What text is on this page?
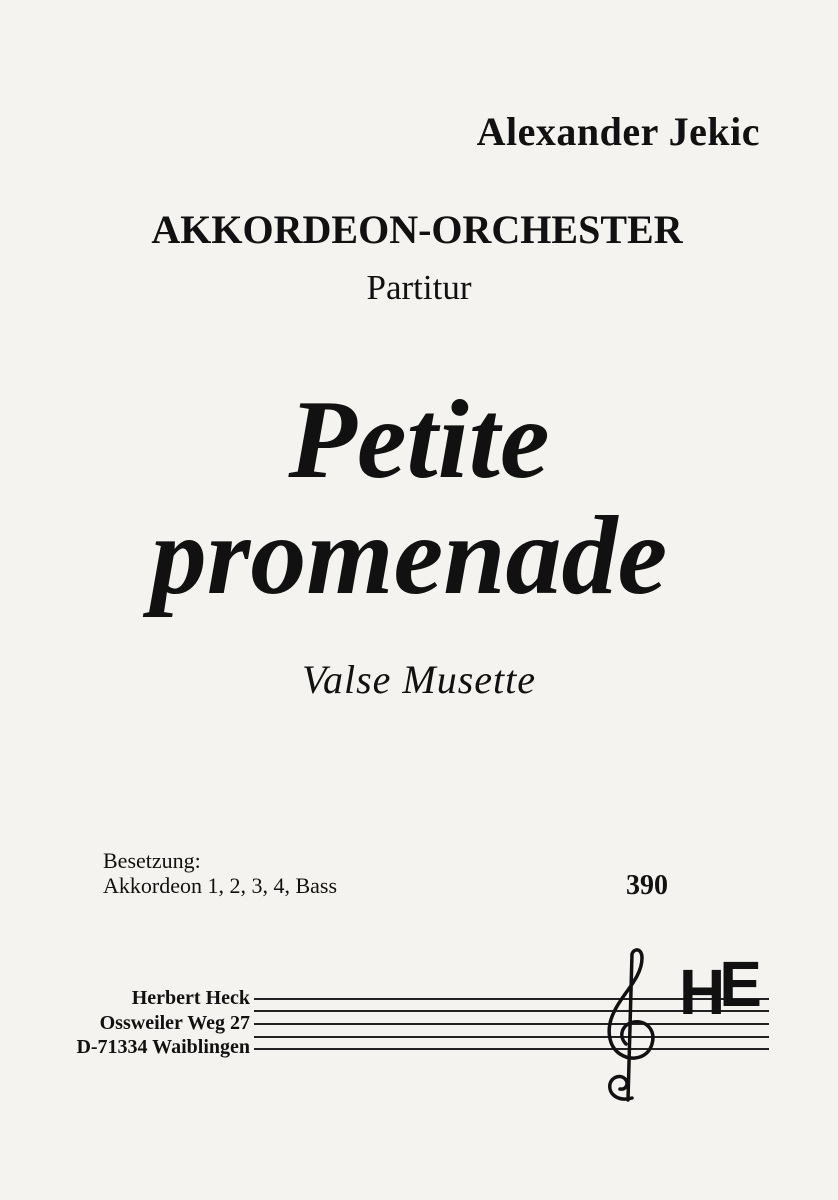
Alexander Jekic
AKKORDEON-ORCHESTER
Partitur
Petite
promenade
Valse Musette
Besetzung:
Akkordeon 1, 2, 3, 4, Bass	390
Herbert Heck
Ossweiler Weg 27
D-71334 Waiblingen
HE
